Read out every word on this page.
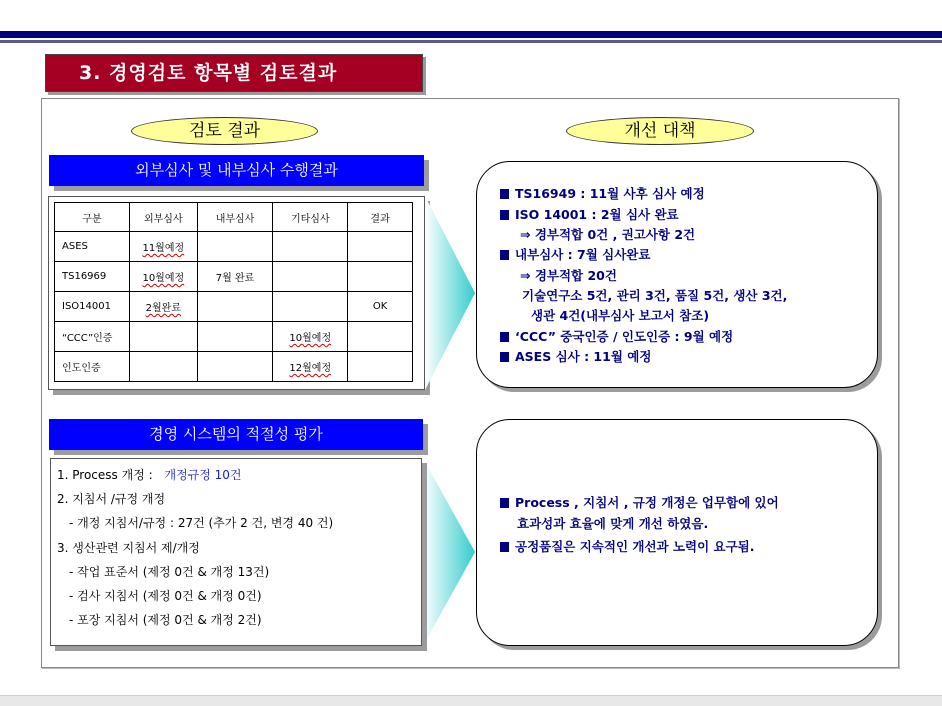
3. 경영검토 항목별 검토결과
검토 결과	개선 대책
외부심사 및 내부심사 수행결과
구분	외부심사	내부심사	기타심사	결과
ASES	11월예정			
TS16969	10월예정	7월 완료		
ISO14001	2월완료			OK
“CCC”인증			10월예정	
인도인증			12월예정	
경영 시스템의 적절성 평가
1. Process 개정 : 개정규정 10건
2. 지침서 /규정 개정
- 개정 지침서/규정 : 27건 (추가 2 건, 변경 40 건)
3. 생산관련 지침서 제/개정
- 작업 표준서 (제정 0건 & 개정 13건)
- 검사 지침서 (제정 0건 & 개정 0건)
- 포장 지침서 (제정 0건 & 개정 2건)
TS16949 : 11월 사후 심사 예정
ISO 14001 : 2월 심사 완료
⇒ 경부적합 0건 , 권고사항 2건
내부심사 : 7월 심사완료
⇒ 경부적합 20건
기술연구소 5건, 관리 3건, 품질 5건, 생산 3건,
생관 4건(내부심사 보고서 참조)
‘CCC” 중국인증 / 인도인증 : 9월 예정
ASES 심사 : 11월 예정
Process , 지침서 , 규정 개정은 업무함에 있어
효과성과 효율에 맞게 개선 하였음.
공정품질은 지속적인 개선과 노력이 요구됨.
